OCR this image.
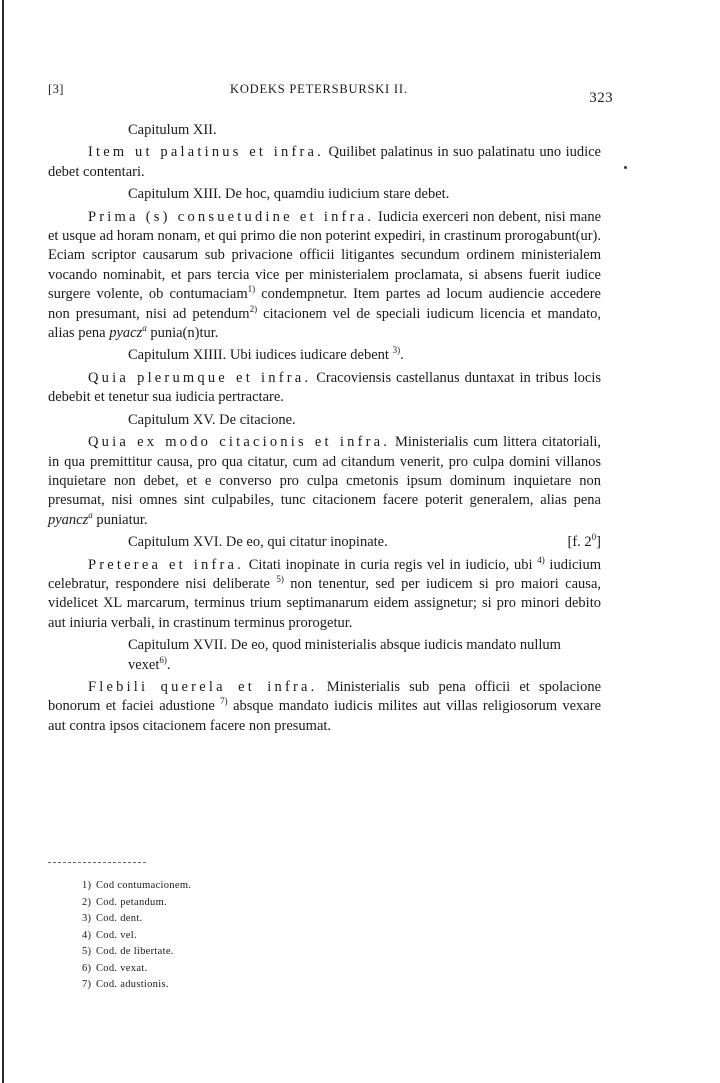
[3]	KODEKS PETERSBURSKI II.
323

Capitulum XII.

Item ut palatinus et infra. Quilibet palatinus in suo palatinatu uno iudice debet contentari.

Capitulum XIII. De hoc, quamdiu iudicium stare debet.

Prima (s) consuetudine et infra. Iudicia exerceri non debent, nisi mane et usque ad horam nonam, et qui primo die non poterint expediri, in crastinum prorogabunt(ur). Eciam scriptor causarum sub privacione officii litigantes secundum ordinem ministerialem vocando nominabit, et pars tercia vice per ministerialem proclamata, si absens fuerit iudice surgere volente, ob contumaciam$^{1)}$ condempnetur. Item partes ad locum audiencie accedere non presumant, nisi ad petendum$^{2)}$ citacionem vel de speciali iudicum licencia et mandato, alias pena pyacz$^a$ punia(n)tur.

Capitulum XIIII. Ubi iudices iudicare debent $^{3)}$.

Quia plerumque et infra. Cracoviensis castellanus duntaxat in tribus locis debebit et tenetur sua iudicia pertractare.

Capitulum XV. De citacione.

Quia ex modo citacionis et infra. Ministerialis cum littera citatoriali, in qua premittitur causa, pro qua citatur, cum ad citandum venerit, pro culpa domini villanos inquietare non debet, et e converso pro culpa cmetonis ipsum dominum inquietare non presumat, nisi omnes sint culpabiles, tunc citacionem facere poterit generalem, alias pena pyancz$^a$ puniatur.

Capitulum XVI. De eo, qui citatur inopinate.	[f. $2^0$]

Preterea et infra. Citati inopinate in curia regis vel in iudicio, ubi $^{4)}$ iudicium celebratur, respondere nisi deliberate $^{5)}$ non tenentur, sed per iudicem si pro maiori causa, videlicet XL marcarum, terminus trium septimanarum eidem assignetur; si pro minori debito aut iniuria verbali, in crastinum terminus prorogetur.

Capitulum XVII. De eo, quod ministerialis absque iudicis mandato nullum vexet$^{6)}$.

Flebili querela et infra. Ministerialis sub pena officii et spolacione bonorum et faciei adustione $^{7)}$ absque mandato iudicis milites aut villas religiosorum vexare aut contra ipsos citacionem facere non presumat.

1) Cod contumacionem.
2) Cod. petandum.
3) Cod. dent.
4) Cod. vel.
5) Cod. de libertate.
6) Cod. vexat.
7) Cod. adustionis.
